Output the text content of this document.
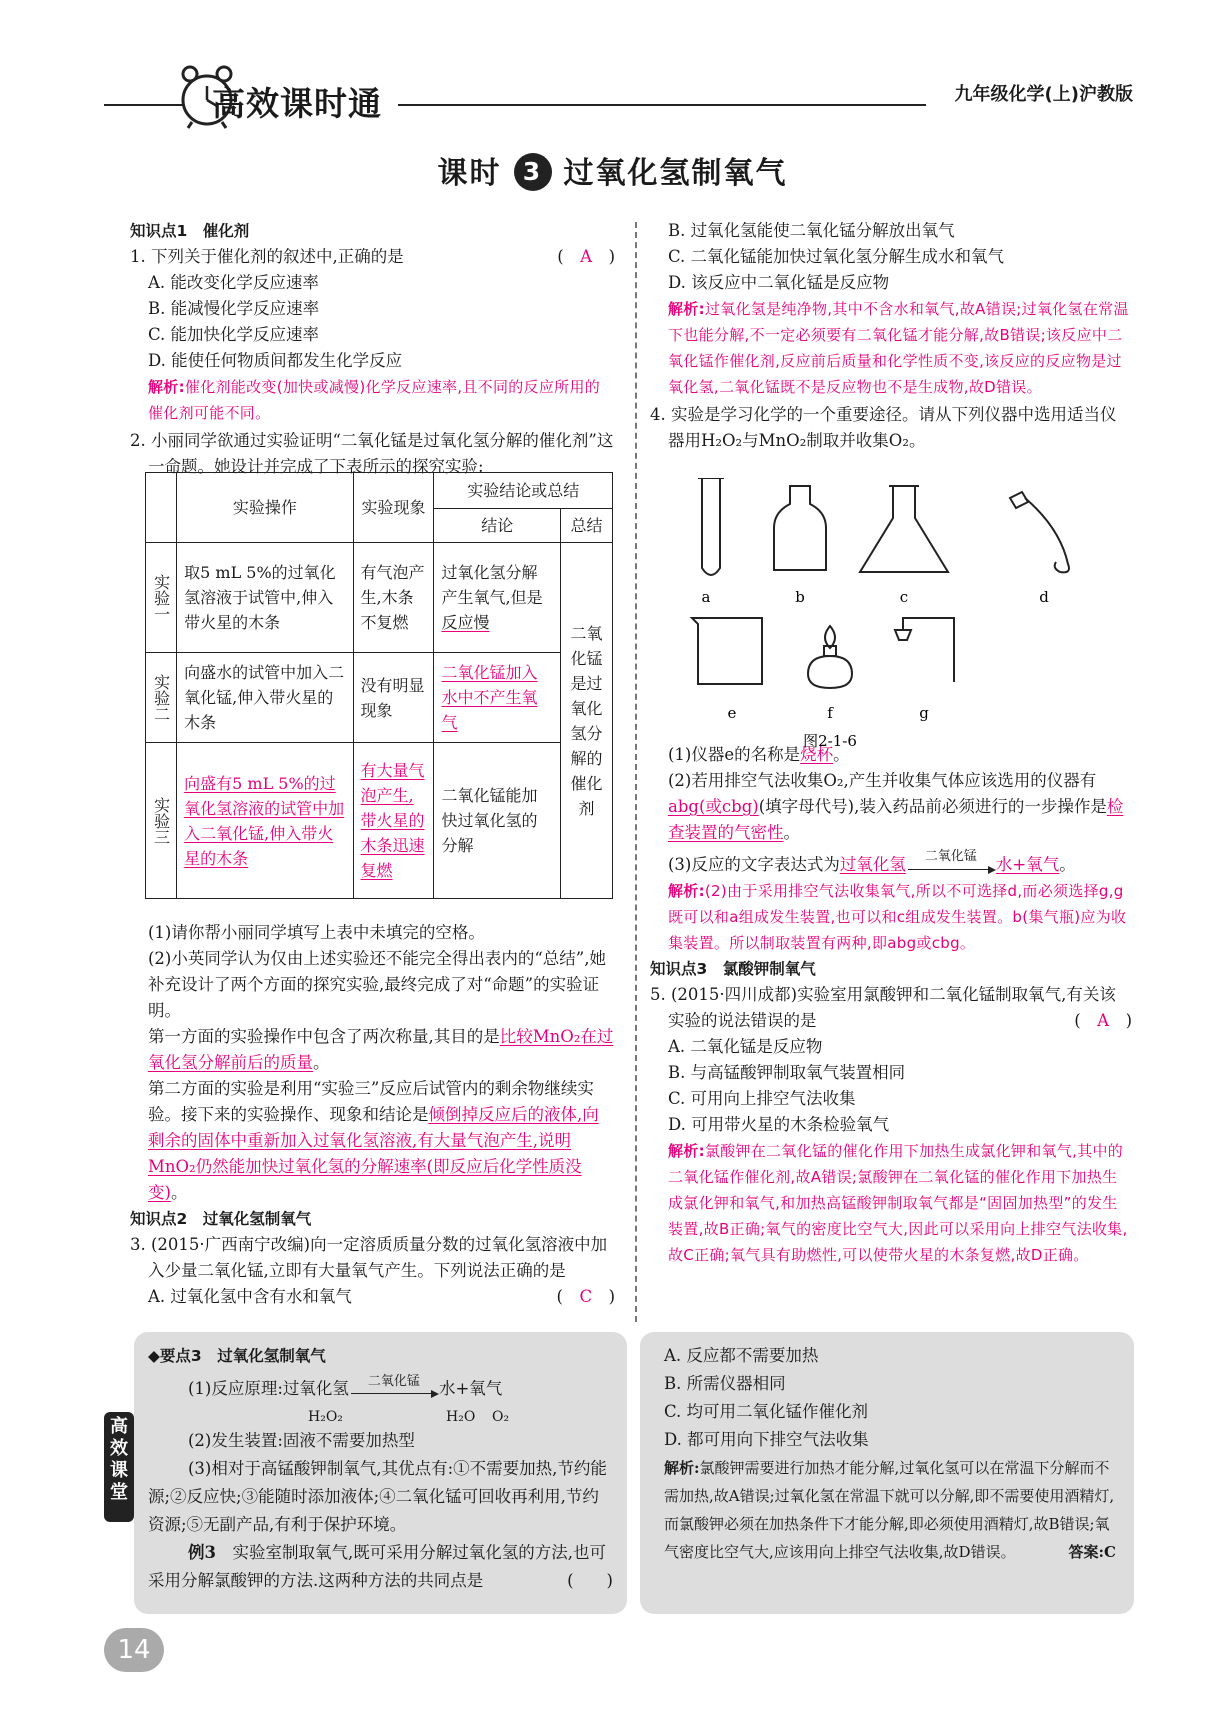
高效课时通	九年级化学(上)沪教版
课时 3 过氧化氢制氧气
知识点1　催化剂
1. 下列关于催化剂的叙述中,正确的是	(　A　)
A. 能改变化学反应速率
B. 能减慢化学反应速率
C. 能加快化学反应速率
D. 能使任何物质间都发生化学反应
解析:催化剂能改变(加快或减慢)化学反应速率,且不同的反应所用的催化剂可能不同。
2. 小丽同学欲通过实验证明“二氧化锰是过氧化氢分解的催化剂”这一命题。她设计并完成了下表所示的探究实验:
	实验操作	实验现象	实验结论或总结	
			结论	总结
实验一	取5 mL 5%的过氧化氢溶液于试管中,伸入带火星的木条	有气泡产生,木条不复燃	过氧化氢分解产生氧气,但是反应慢	二氧化锰是过氧化氢分解的催化剂
实验二	向盛水的试管中加入二氧化锰,伸入带火星的木条	没有明显现象	二氧化锰加入水中不产生氧气	
实验三	向盛有5 mL 5%的过氧化氢溶液的试管中加入二氧化锰,伸入带火星的木条	有大量气泡产生,带火星的木条迅速复燃	二氧化锰能加快过氧化氢的分解	
(1)请你帮小丽同学填写上表中未填完的空格。
(2)小英同学认为仅由上述实验还不能完全得出表内的“总结”,她补充设计了两个方面的探究实验,最终完成了对“命题”的实验证明。
第一方面的实验操作中包含了两次称量,其目的是比较MnO₂在过氧化氢分解前后的质量。
第二方面的实验是利用“实验三”反应后试管内的剩余物继续实验。接下来的实验操作、现象和结论是倾倒掉反应后的液体,向剩余的固体中重新加入过氧化氢溶液,有大量气泡产生,说明MnO₂仍然能加快过氧化氢的分解速率(即反应后化学性质没变)。
知识点2　过氧化氢制氧气
3. (2015·广西南宁改编)向一定溶质质量分数的过氧化氢溶液中加入少量二氧化锰,立即有大量氧气产生。下列说法正确的是
(　C　)
A. 过氧化氢中含有水和氧气
B. 过氧化氢能使二氧化锰分解放出氧气
C. 二氧化锰能加快过氧化氢分解生成水和氧气
D. 该反应中二氧化锰是反应物
解析:过氧化氢是纯净物,其中不含水和氧气,故A错误;过氧化氢在常温下也能分解,不一定必须要有二氧化锰才能分解,故B错误;该反应中二氧化锰作催化剂,反应前后质量和化学性质不变,该反应的反应物是过氧化氢,二氧化锰既不是反应物也不是生成物,故D错误。
4. 实验是学习化学的一个重要途径。请从下列仪器中选用适当仪器用H₂O₂与MnO₂制取并收集O₂。
a	b	c	d
e	f	g
图2-1-6
(1)仪器e的名称是烧杯。
(2)若用排空气法收集O₂,产生并收集气体应该选用的仪器有abg(或cbg)(填字母代号),装入药品前必须进行的一步操作是检查装置的气密性。
(3)反应的文字表达式为过氧化氢	二氧化锰	水+氧气。
解析:(2)由于采用排空气法收集氧气,所以不可选择d,而必须选择g,g既可以和a组成发生装置,也可以和c组成发生装置。b(集气瓶)应为收集装置。所以制取装置有两种,即abg或cbg。
知识点3　氯酸钾制氧气
5. (2015·四川成都)实验室用氯酸钾和二氧化锰制取氧气,有关该实验的说法错误的是	(　A　)
A. 二氧化锰是反应物
B. 与高锰酸钾制取氧气装置相同
C. 可用向上排空气法收集
D. 可用带火星的木条检验氧气
解析:氯酸钾在二氧化锰的催化作用下加热生成氯化钾和氧气,其中的二氧化锰作催化剂,故A错误;氯酸钾在二氧化锰的催化作用下加热生成氯化钾和氧气,和加热高锰酸钾制取氧气都是“固固加热型”的发生装置,故B正确;氧气的密度比空气大,因此可以采用向上排空气法收集,故C正确;氧气具有助燃性,可以使带火星的木条复燃,故D正确。
◆要点3　过氧化氢制氧气
(1)反应原理:过氧化氢	二氧化锰	水+氧气
H₂O₂	H₂O O₂
(2)发生装置:固液不需要加热型
(3)相对于高锰酸钾制氧气,其优点有:①不需要加热,节约能源;②反应快;③能随时添加液体;④二氧化锰可回收再利用,节约资源;⑤无副产品,有利于保护环境。
例3　 实验室制取氧气,既可采用分解过氧化氢的方法,也可采用分解氯酸钾的方法.这两种方法的共同点是	(　　)
A. 反应都不需要加热
B. 所需仪器相同
C. 均可用二氧化锰作催化剂
D. 都可用向下排空气法收集
解析:氯酸钾需要进行加热才能分解,过氧化氢可以在常温下分解而不需加热,故A错误;过氧化氢在常温下就可以分解,即不需要使用酒精灯,而氯酸钾必须在加热条件下才能分解,即必须使用酒精灯,故B错误;氧气密度比空气大,应该用向上排空气法收集,故D错误。　　	答案:C
高效课堂
14
